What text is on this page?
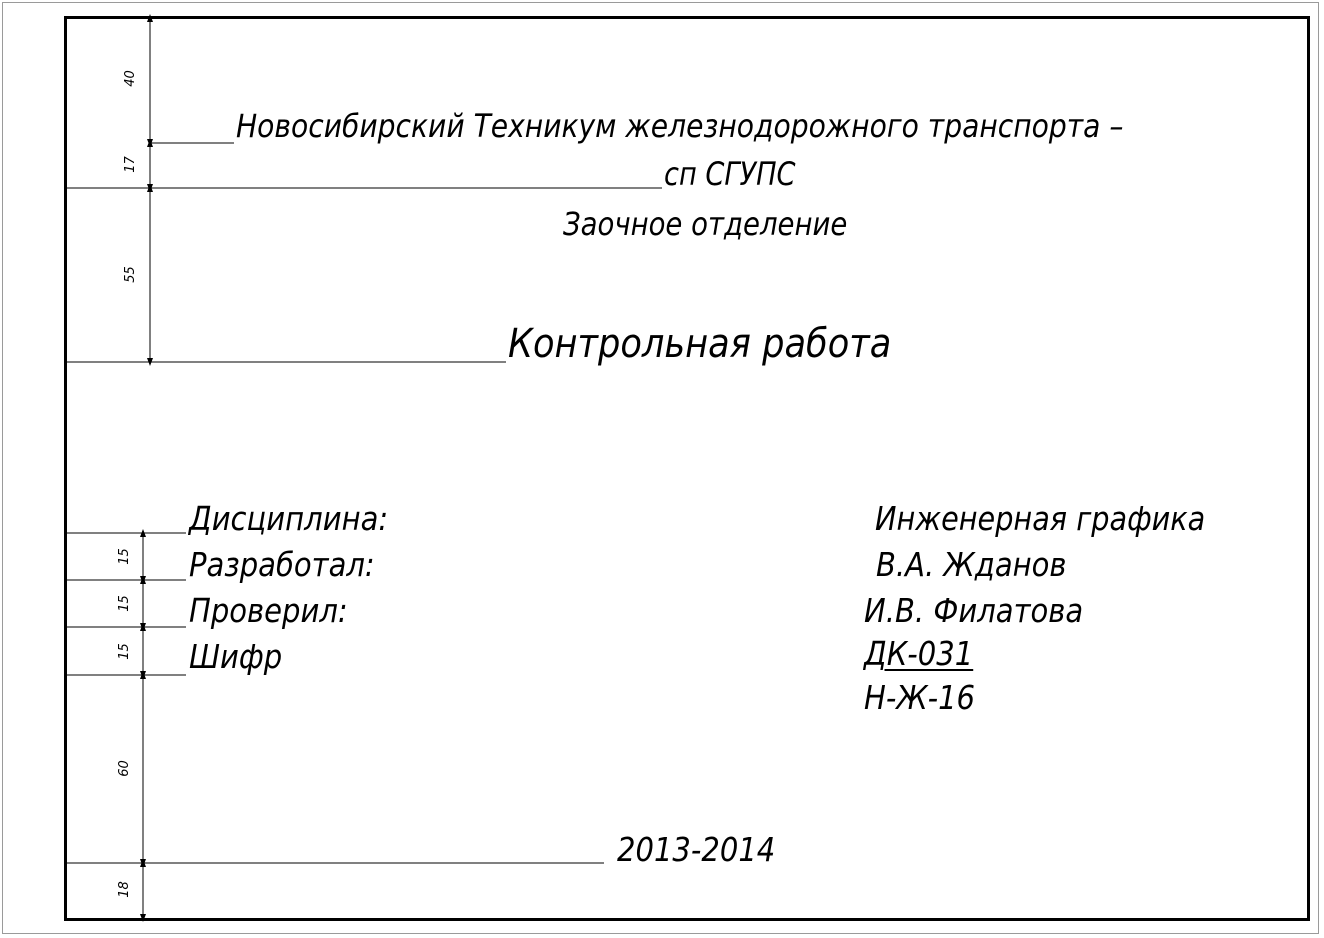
40
17
55
15
15
15
60
18
Новосибирский Техникум железнодорожного транспорта –
сп СГУПС
Заочное отделение
Контрольная работа
Дисциплина:	Инженерная графика
Разработал:	В.А. Жданов
Проверил:	И.В. Филатова
Шифр	ДК-031
Н-Ж-16
2013-2014
